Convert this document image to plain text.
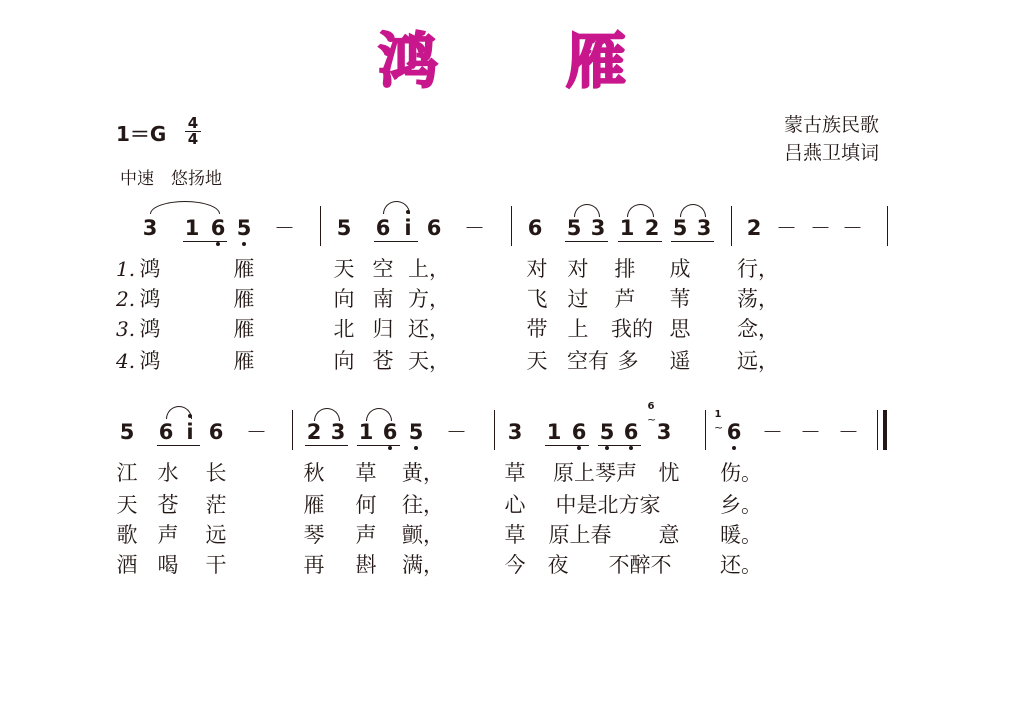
鸿 雁
1＝G	4
4
中速　悠扬地
蒙古族民歌
吕燕卫填词
3 1 6 5 － 5 6 i 6 － 6 5 3 1 2 5 3 2 － － －
1. 鸿	雁	天 空 上，	对 对 排 成 行，
2. 鸿	雁	向 南 方，	飞 过 芦 苇 荡，
3. 鸿	雁	北 归 还，	带 上 我的 思 念，
4. 鸿	雁	向 苍 天，	天 空有 多 遥 远，
5 6 i 6 － 2 3 1 6 5 － 3 1 6 5 6 3	6 － － －
6
~	1
~
江 水 长	秋 草 黄，	草	原上琴声	忧 伤。
天 苍 茫	雁 何 往，	心	中是北方家	乡。
歌 声 远	琴 声 颤，	草	原上春	意 暖。
酒 喝 干	再 斟 满，	今 夜	不醉不	还。
